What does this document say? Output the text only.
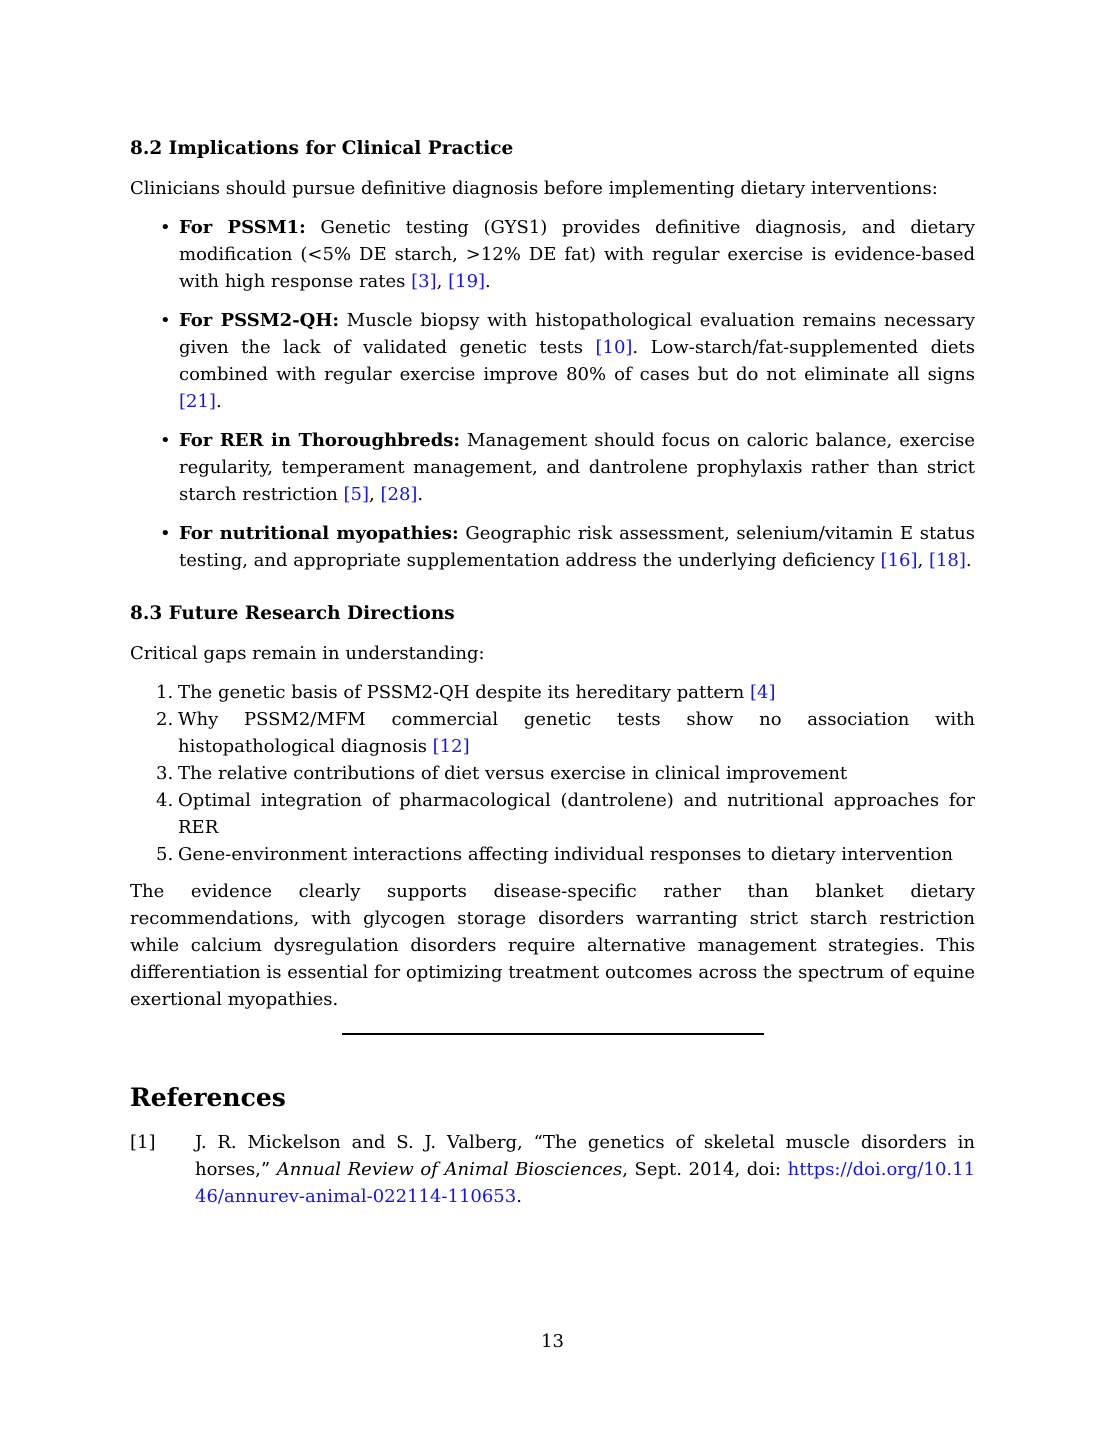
8.2 Implications for Clinical Practice

Clinicians should pursue definitive diagnosis before implementing dietary interventions:

• For PSSM1: Genetic testing (GYS1) provides definitive diagnosis, and dietary modification (<5% DE starch, >12% DE fat) with regular exercise is evidence-based with high response rates [3], [19].
• For PSSM2-QH: Muscle biopsy with histopathological evaluation remains necessary given the lack of validated genetic tests [10]. Low-starch/fat-supplemented diets combined with regular exercise improve 80% of cases but do not eliminate all signs [21].
• For RER in Thoroughbreds: Management should focus on caloric balance, exercise regularity, temperament management, and dantrolene prophylaxis rather than strict starch restriction [5], [28].
• For nutritional myopathies: Geographic risk assessment, selenium/vitamin E status testing, and appropriate supplementation address the underlying deficiency [16], [18].
8.3 Future Research Directions

Critical gaps remain in understanding:

1. The genetic basis of PSSM2-QH despite its hereditary pattern [4]
2. Why PSSM2/MFM commercial genetic tests show no association with histopathological diagnosis [12]
3. The relative contributions of diet versus exercise in clinical improvement
4. Optimal integration of pharmacological (dantrolene) and nutritional approaches for RER
5. Gene-environment interactions affecting individual responses to dietary intervention

The evidence clearly supports disease-specific rather than blanket dietary recommendations, with glycogen storage disorders warranting strict starch restriction while calcium dysregulation disorders require alternative management strategies. This differentiation is essential for optimizing treatment outcomes across the spectrum of equine exertional myopathies.

References
[1]	J. R. Mickelson and S. J. Valberg, “The genetics of skeletal muscle disorders in horses,” Annual Review of Animal Biosciences, Sept. 2014, doi: https://doi.org/10.1146/annurev-animal-022114-110653.
13
